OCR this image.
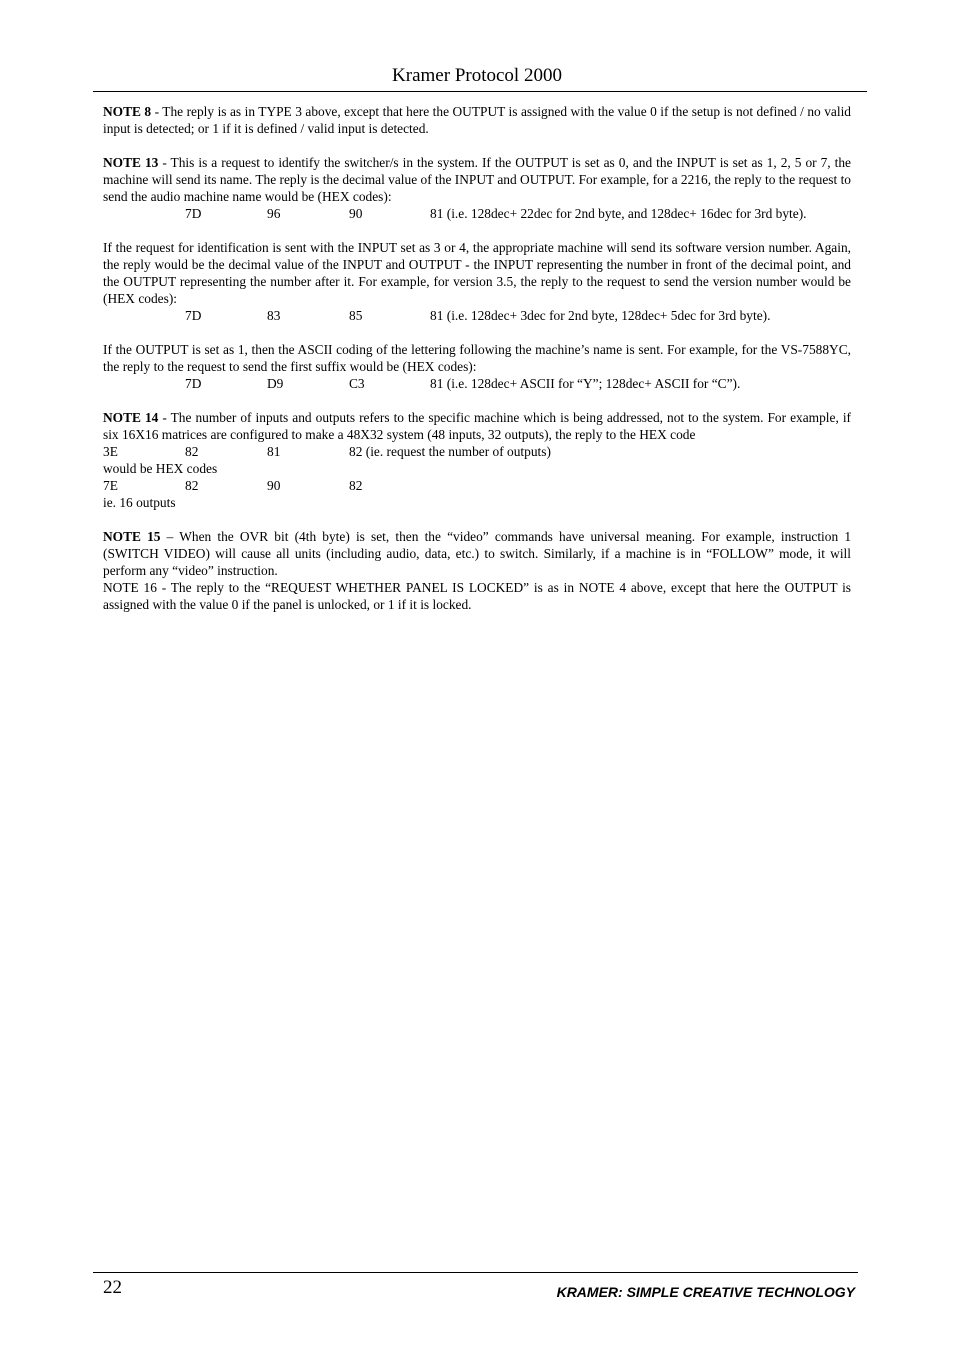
Kramer Protocol 2000

NOTE 8 - The reply is as in TYPE 3 above, except that here the OUTPUT is assigned with the value 0 if the setup is not defined / no valid input is detected; or 1 if it is defined / valid input is detected.

NOTE 13 - This is a request to identify the switcher/s in the system. If the OUTPUT is set as 0, and the INPUT is set as 1, 2, 5 or 7, the machine will send its name. The reply is the decimal value of the INPUT and OUTPUT. For example, for a 2216, the reply to the request to send the audio machine name would be (HEX codes):

7D	96	90	81 (i.e. 128dec+ 22dec for 2nd byte, and 128dec+ 16dec for 3rd byte).

If the request for identification is sent with the INPUT set as 3 or 4, the appropriate machine will send its software version number. Again, the reply would be the decimal value of the INPUT and OUTPUT - the INPUT representing the number in front of the decimal point, and the OUTPUT representing the number after it. For example, for version 3.5, the reply to the request to send the version number would be (HEX codes):

7D	83	85	81 (i.e. 128dec+ 3dec for 2nd byte, 128dec+ 5dec for 3rd byte).

If the OUTPUT is set as 1, then the ASCII coding of the lettering following the machine’s name is sent. For example, for the VS-7588YC, the reply to the request to send the first suffix would be (HEX codes):

7D	D9	C3	81 (i.e. 128dec+ ASCII for “Y”; 128dec+ ASCII for “C”).

NOTE 14 - The number of inputs and outputs refers to the specific machine which is being addressed, not to the system. For example, if six 16X16 matrices are configured to make a 48X32 system (48 inputs, 32 outputs), the reply to the HEX code

3E	82	81	82 (ie. request the number of outputs)

would be HEX codes

7E	82	90	82

ie. 16 outputs

NOTE 15 – When the OVR bit (4th byte) is set, then the “video” commands have universal meaning. For example, instruction 1 (SWITCH VIDEO) will cause all units (including audio, data, etc.) to switch. Similarly, if a machine is in “FOLLOW” mode, it will perform any “video” instruction.

NOTE 16 - The reply to the “REQUEST WHETHER PANEL IS LOCKED” is as in NOTE 4 above, except that here the OUTPUT is assigned with the value 0 if the panel is unlocked, or 1 if it is locked.

22	KRAMER: SIMPLE CREATIVE TECHNOLOGY
